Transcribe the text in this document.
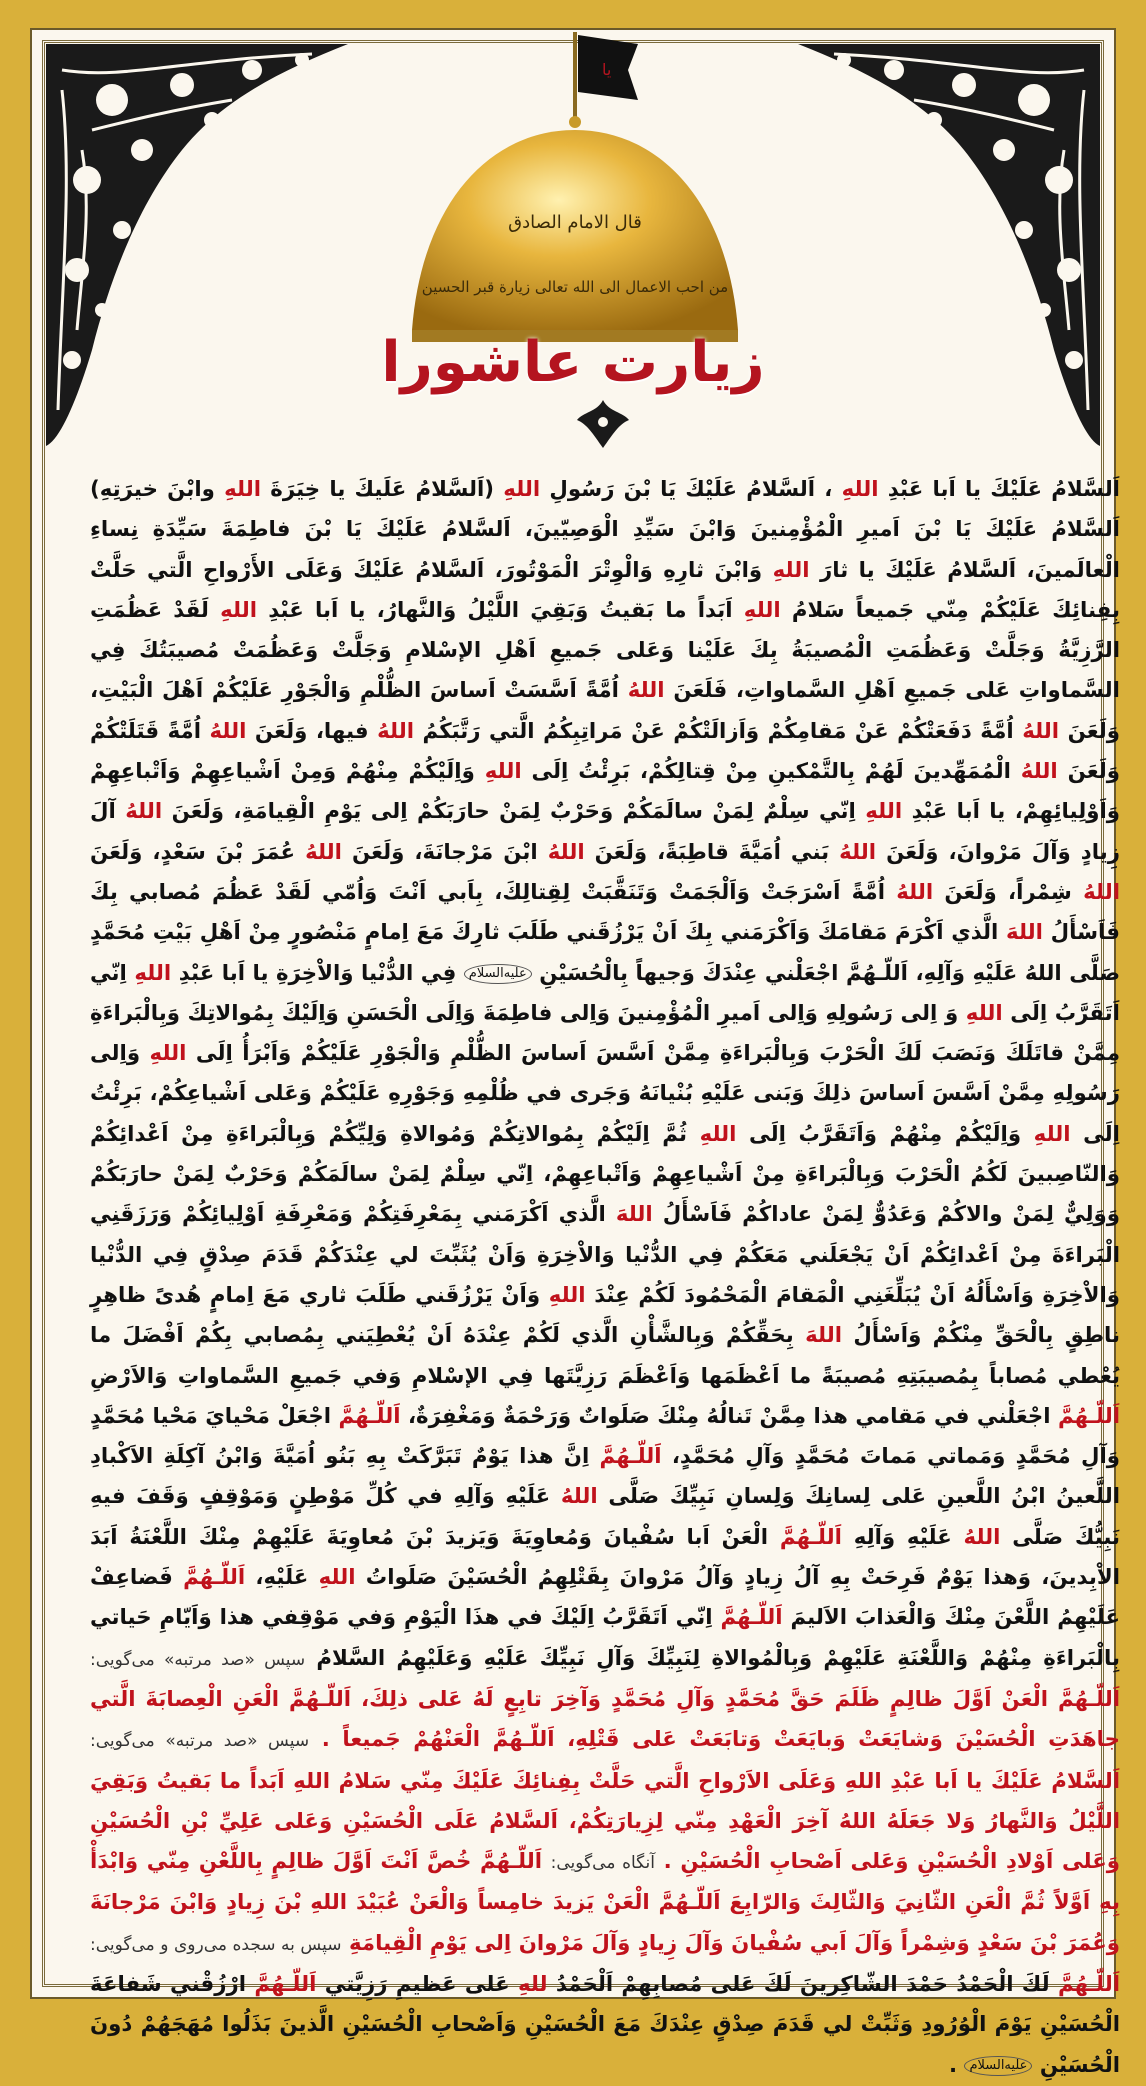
يا
قال الامام الصادق
من احب الاعمال الی الله تعالی زیارة قبر الحسین
زیارت عاشورا

اَلسَّلامُ عَلَيْكَ يا اَبا عَبْدِ اللهِ ، اَلسَّلامُ عَلَيْكَ يَا بْنَ رَسُولِ اللهِ (اَلسَّلامُ عَلَيكَ يا خِيَرَةَ اللهِ وابْنَ خيرَتِهِ) اَلسَّلامُ عَلَيْكَ يَا بْنَ اَميرِ الْمُؤْمِنينَ وَابْنَ سَيِّدِ الْوَصِيّينَ، اَلسَّلامُ عَلَيْكَ يَا بْنَ فاطِمَةَ سَيِّدَةِ نِساءِ الْعالَمينَ، اَلسَّلامُ عَلَيْكَ يا ثارَ اللهِ وَابْنَ ثارِهِ وَالْوِتْرَ الْمَوْتُورَ، اَلسَّلامُ عَلَيْكَ وَعَلَى الأَرْواحِ الَّتي حَلَّتْ بِفِنائِكَ عَلَيْكُمْ مِنّي جَميعاً سَلامُ اللهِ اَبَداً ما بَقيتُ وَبَقِيَ اللَّيْلُ وَالنَّهارُ، يا اَبا عَبْدِ اللهِ لَقَدْ عَظُمَتِ الرَّزِيَّةُ وَجَلَّتْ وَعَظُمَتِ الْمُصيبَةُ بِكَ عَلَيْنا وَعَلى جَميعِ اَهْلِ الإسْلامِ وَجَلَّتْ وَعَظُمَتْ مُصيبَتُكَ فِي السَّماواتِ عَلى جَميعِ اَهْلِ السَّماواتِ، فَلَعَنَ اللهُ اُمَّةً اَسَّسَتْ اَساسَ الظُّلْمِ وَالْجَوْرِ عَلَيْكُمْ اَهْلَ الْبَيْتِ، وَلَعَنَ اللهُ اُمَّةً دَفَعَتْكُمْ عَنْ مَقامِكُمْ وَاَزالَتْكُمْ عَنْ مَراتِبِكُمُ الَّتي رَتَّبَكُمُ اللهُ فيها، وَلَعَنَ اللهُ اُمَّةً قَتَلَتْكُمْ وَلَعَنَ اللهُ الْمُمَهِّدينَ لَهُمْ بِالتَّمْكينِ مِنْ قِتالِكُمْ، بَرِئْتُ اِلَى اللهِ وَاِلَيْكُمْ مِنْهُمْ وَمِنْ اَشْياعِهِمْ وَاَتْباعِهِمْ وَاَوْلِيائِهِمْ، يا اَبا عَبْدِ اللهِ اِنّي سِلْمٌ لِمَنْ سالَمَكُمْ وَحَرْبٌ لِمَنْ حارَبَكُمْ اِلى يَوْمِ الْقِيامَةِ، وَلَعَنَ اللهُ آلَ زِيادٍ وَآلَ مَرْوانَ، وَلَعَنَ اللهُ بَني اُمَيَّةَ قاطِبَةً، وَلَعَنَ اللهُ ابْنَ مَرْجانَةَ، وَلَعَنَ اللهُ عُمَرَ بْنَ سَعْدٍ، وَلَعَنَ اللهُ شِمْراً، وَلَعَنَ اللهُ اُمَّةً اَسْرَجَتْ وَاَلْجَمَتْ وَتَنَقَّبَتْ لِقِتالِكَ، بِاَبي اَنْتَ وَاُمّي لَقَدْ عَظُمَ مُصابي بِكَ فَاَسْأَلُ اللهَ الَّذي اَكْرَمَ مَقامَكَ وَاَكْرَمَني بِكَ اَنْ يَرْزُقَني طَلَبَ ثارِكَ مَعَ اِمامٍ مَنْصُورٍ مِنْ اَهْلِ بَيْتِ مُحَمَّدٍ صَلَّى اللهُ عَلَيْهِ وَآلِهِ، اَللّـهُمَّ اجْعَلْني عِنْدَكَ وَجيهاً بِالْحُسَيْنِ عليه‌السلام فِي الدُّنْيا وَالاْخِرَةِ يا اَبا عَبْدِ اللهِ اِنّي اَتَقَرَّبُ اِلَى اللهِ وَ اِلى رَسُولِهِ وَاِلى اَميرِ الْمُؤْمِنينَ وَاِلى فاطِمَةَ وَاِلَى الْحَسَنِ وَاِلَيْكَ بِمُوالاتِكَ وَبِالْبَراءَةِ مِمَّنْ قاتَلَكَ وَنَصَبَ لَكَ الْحَرْبَ وَبِالْبَراءَةِ مِمَّنْ اَسَّسَ اَساسَ الظُّلْمِ وَالْجَوْرِ عَلَيْكُمْ وَاَبْرَأُ اِلَى اللهِ وَاِلى رَسُولِهِ مِمَّنْ اَسَّسَ اَساسَ ذلِكَ وَبَنى عَلَيْهِ بُنْيانَهُ وَجَرى في ظُلْمِهِ وَجَوْرِهِ عَلَيْكُمْ وَعَلى اَشْياعِكُمْ، بَرِئْتُ اِلَى اللهِ وَاِلَيْكُمْ مِنْهُمْ وَاَتَقَرَّبُ اِلَى اللهِ ثُمَّ اِلَيْكُمْ بِمُوالاتِكُمْ وَمُوالاةِ وَلِيِّكُمْ وَبِالْبَراءَةِ مِنْ اَعْدائِكُمْ وَالنّاصِبينَ لَكُمُ الْحَرْبَ وَبِالْبَراءَةِ مِنْ اَشْياعِهِمْ وَاَتْباعِهِمْ، اِنّي سِلْمٌ لِمَنْ سالَمَكُمْ وَحَرْبٌ لِمَنْ حارَبَكُمْ وَوَلِيٌّ لِمَنْ والاكُمْ وَعَدُوٌّ لِمَنْ عاداكُمْ فَاَسْأَلُ اللهَ الَّذي اَكْرَمَني بِمَعْرِفَتِكُمْ وَمَعْرِفَةِ اَوْلِيائِكُمْ وَرَزَقَنِي الْبَراءَةَ مِنْ اَعْدائِكُمْ اَنْ يَجْعَلَني مَعَكُمْ فِي الدُّنْيا وَالاْخِرَةِ وَاَنْ يُثَبِّتَ لي عِنْدَكُمْ قَدَمَ صِدْقٍ فِي الدُّنْيا وَالاْخِرَةِ وَاَسْأَلُهُ اَنْ يُبَلِّغَنِي الْمَقامَ الْمَحْمُودَ لَكُمْ عِنْدَ اللهِ وَاَنْ يَرْزُقَني طَلَبَ ثاري مَعَ اِمامٍ هُدىً ظاهِرٍ ناطِقٍ بِالْحَقِّ مِنْكُمْ وَاَسْأَلُ اللهَ بِحَقِّكُمْ وَبِالشَّأْنِ الَّذي لَكُمْ عِنْدَهُ اَنْ يُعْطِيَني بِمُصابي بِكُمْ اَفْضَلَ ما يُعْطي مُصاباً بِمُصيبَتِهِ مُصيبَةً ما اَعْظَمَها وَاَعْظَمَ رَزِيَّتَها فِي الإسْلامِ وَفي جَميعِ السَّماواتِ وَالاَرْضِ اَللّـهُمَّ اجْعَلْني في مَقامي هذا مِمَّنْ تَنالُهُ مِنْكَ صَلَواتٌ وَرَحْمَةٌ وَمَغْفِرَةٌ، اَللّـهُمَّ اجْعَلْ مَحْيايَ مَحْيا مُحَمَّدٍ وَآلِ مُحَمَّدٍ وَمَماتي مَماتَ مُحَمَّدٍ وَآلِ مُحَمَّدٍ، اَللّـهُمَّ اِنَّ هذا يَوْمٌ تَبَرَّكَتْ بِهِ بَنُو اُمَيَّةَ وَابْنُ آكِلَةِ الاَكْبادِ اللَّعينُ ابْنُ اللَّعينِ عَلى لِسانِكَ وَلِسانِ نَبِيِّكَ صَلَّى اللهُ عَلَيْهِ وَآلِهِ في كُلِّ مَوْطِنٍ وَمَوْقِفٍ وَقَفَ فيهِ نَبِيُّكَ صَلَّى اللهُ عَلَيْهِ وَآلِهِ اَللّـهُمَّ الْعَنْ اَبا سُفْيانَ وَمُعاوِيَةَ وَيَزيدَ بْنَ مُعاوِيَةَ عَلَيْهِمْ مِنْكَ اللَّعْنَةُ اَبَدَ الاْبِدينَ، وَهذا يَوْمٌ فَرِحَتْ بِهِ آلُ زِيادٍ وَآلُ مَرْوانَ بِقَتْلِهِمُ الْحُسَيْنَ صَلَواتُ اللهِ عَلَيْهِ، اَللّـهُمَّ فَضاعِفْ عَلَيْهِمُ اللَّعْنَ مِنْكَ وَالْعَذابَ الاَليمَ اَللّـهُمَّ اِنّي اَتَقَرَّبُ اِلَيْكَ في هذَا الْيَوْمِ وَفي مَوْقِفي هذا وَاَيّامِ حَياتي بِالْبَراءَةِ مِنْهُمْ وَاللَّعْنَةِ عَلَيْهِمْ وَبِالْمُوالاةِ لِنَبِيِّكَ وَآلِ نَبِيِّكَ عَلَيْهِ وَعَلَيْهِمُ السَّلامُ سپس «صد مرتبه» می‌گویی: اَللّـهُمَّ الْعَنْ اَوَّلَ ظالِمٍ ظَلَمَ حَقَّ مُحَمَّدٍ وَآلِ مُحَمَّدٍ وَآخِرَ تابِعٍ لَهُ عَلى ذلِكَ، اَللّـهُمَّ الْعَنِ الْعِصابَةَ الَّتي جاهَدَتِ الْحُسَيْنَ وَشايَعَتْ وَبايَعَتْ وَتابَعَتْ عَلى قَتْلِهِ، اَللّـهُمَّ الْعَنْهُمْ جَميعاً . سپس «صد مرتبه» می‌گویی: اَلسَّلامُ عَلَيْكَ يا اَبا عَبْدِ اللهِ وَعَلَى الاَرْواحِ الَّتي حَلَّتْ بِفِنائِكَ عَلَيْكَ مِنّي سَلامُ اللهِ اَبَداً ما بَقيتُ وَبَقِيَ اللَّيْلُ وَالنَّهارُ وَلا جَعَلَهُ اللهُ آخِرَ الْعَهْدِ مِنّي لِزِيارَتِكُمْ، اَلسَّلامُ عَلَى الْحُسَيْنِ وَعَلى عَلِيِّ بْنِ الْحُسَيْنِ وَعَلى اَوْلادِ الْحُسَيْنِ وَعَلى اَصْحابِ الْحُسَيْنِ . آنگاه می‌گویی: اَللّـهُمَّ خُصَّ اَنْتَ اَوَّلَ ظالِمٍ بِاللَّعْنِ مِنّي وَابْدَأْ بِهِ اَوَّلاً ثُمَّ الْعَنِ الثّانِيَ وَالثّالِثَ وَالرّابِعَ اَللّـهُمَّ الْعَنْ يَزيدَ خامِساً وَالْعَنْ عُبَيْدَ اللهِ بْنَ زِيادٍ وَابْنَ مَرْجانَةَ وَعُمَرَ بْنَ سَعْدٍ وَشِمْراً وَآلَ اَبي سُفْيانَ وَآلَ زِيادٍ وَآلَ مَرْوانَ اِلى يَوْمِ الْقِيامَةِ سپس به سجده می‌روی و می‌گویی: اَللّـهُمَّ لَكَ الْحَمْدُ حَمْدَ الشّاكِرينَ لَكَ عَلى مُصابِهِمْ اَلْحَمْدُ للهِ عَلى عَظيمِ رَزِيَّتي اَللّـهُمَّ ارْزُقْني شَفاعَةَ الْحُسَيْنِ يَوْمَ الْوُرُودِ وَثَبِّتْ لي قَدَمَ صِدْقٍ عِنْدَكَ مَعَ الْحُسَيْنِ وَاَصْحابِ الْحُسَيْنِ الَّذينَ بَذَلُوا مُهَجَهُمْ دُونَ الْحُسَيْنِ عليه‌السلام .
